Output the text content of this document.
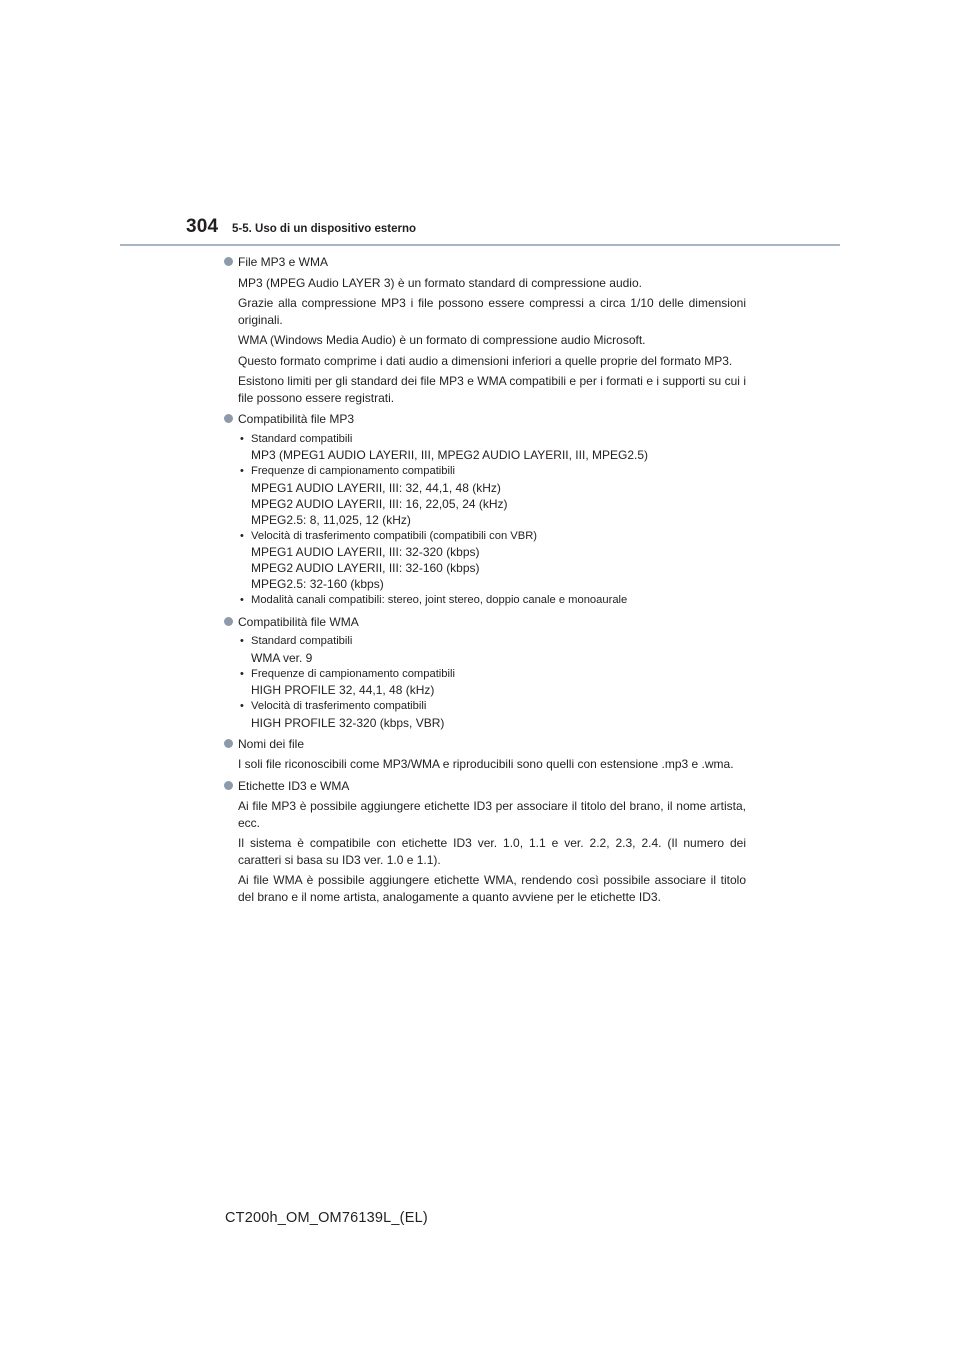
304 5-5. Uso di un dispositivo esterno
File MP3 e WMA
MP3 (MPEG Audio LAYER 3) è un formato standard di compressione audio.
Grazie alla compressione MP3 i file possono essere compressi a circa 1/10 delle dimensioni originali.
WMA (Windows Media Audio) è un formato di compressione audio Microsoft.
Questo formato comprime i dati audio a dimensioni inferiori a quelle proprie del formato MP3.
Esistono limiti per gli standard dei file MP3 e WMA compatibili e per i formati e i supporti su cui i file possono essere registrati.
Compatibilità file MP3
• Standard compatibili
MP3 (MPEG1 AUDIO LAYERII, III, MPEG2 AUDIO LAYERII, III, MPEG2.5)
• Frequenze di campionamento compatibili
MPEG1 AUDIO LAYERII, III: 32, 44,1, 48 (kHz)
MPEG2 AUDIO LAYERII, III: 16, 22,05, 24 (kHz)
MPEG2.5: 8, 11,025, 12 (kHz)
• Velocità di trasferimento compatibili (compatibili con VBR)
MPEG1 AUDIO LAYERII, III: 32-320 (kbps)
MPEG2 AUDIO LAYERII, III: 32-160 (kbps)
MPEG2.5: 32-160 (kbps)
• Modalità canali compatibili: stereo, joint stereo, doppio canale e monoaurale
Compatibilità file WMA
• Standard compatibili
WMA ver. 9
• Frequenze di campionamento compatibili
HIGH PROFILE 32, 44,1, 48 (kHz)
• Velocità di trasferimento compatibili
HIGH PROFILE 32-320 (kbps, VBR)
Nomi dei file
I soli file riconoscibili come MP3/WMA e riproducibili sono quelli con estensione .mp3 e .wma.
Etichette ID3 e WMA
Ai file MP3 è possibile aggiungere etichette ID3 per associare il titolo del brano, il nome artista, ecc.
Il sistema è compatibile con etichette ID3 ver. 1.0, 1.1 e ver. 2.2, 2.3, 2.4. (Il numero dei caratteri si basa su ID3 ver. 1.0 e 1.1).
Ai file WMA è possibile aggiungere etichette WMA, rendendo così possibile associare il titolo del brano e il nome artista, analogamente a quanto avviene per le etichette ID3.
CT200h_OM_OM76139L_(EL)
